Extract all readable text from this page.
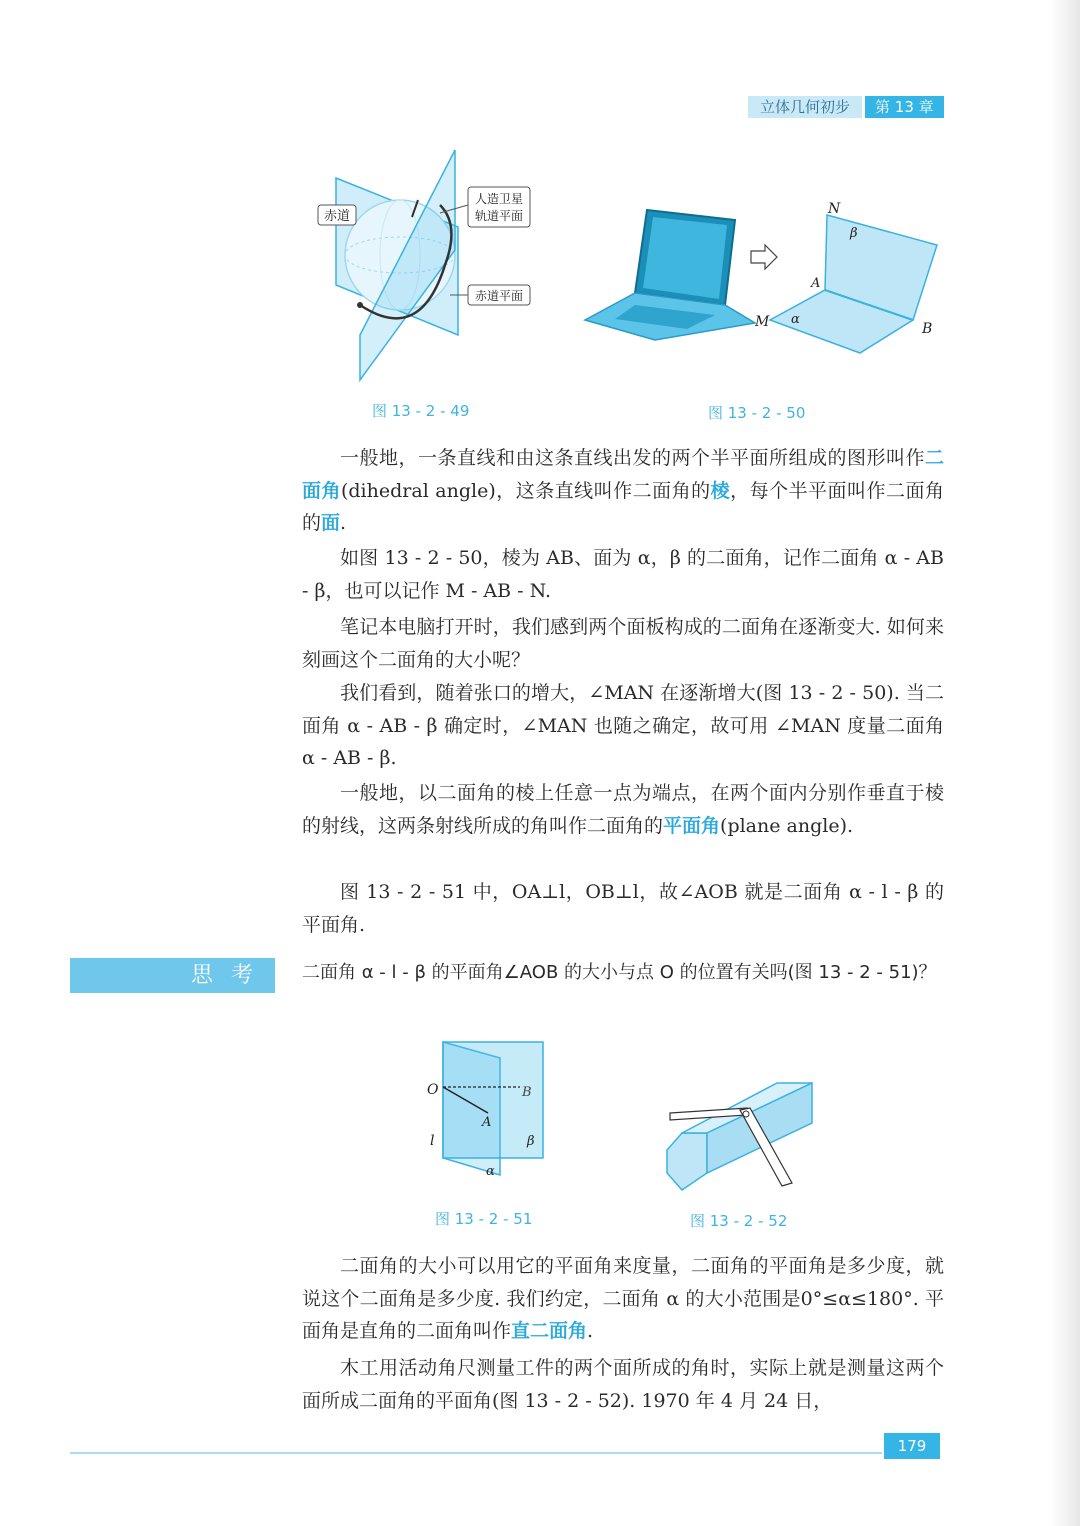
立体几何初步	第 13 章
赤道
人造卫星
轨道平面
赤道平面
图 13 - 2 - 49
N
β
A
M α
B
图 13 - 2 - 50
一般地，一条直线和由这条直线出发的两个半平面所组成的图形叫作二面角(dihedral angle)，这条直线叫作二面角的棱，每个半平面叫作二面角的面.
如图 13 - 2 - 50，棱为 AB、面为 α，β 的二面角，记作二面角 α - AB - β，也可以记作 M - AB - N.
笔记本电脑打开时，我们感到两个面板构成的二面角在逐渐变大. 如何来刻画这个二面角的大小呢？
我们看到，随着张口的增大，∠MAN 在逐渐增大(图 13 - 2 - 50). 当二面角 α - AB - β 确定时，∠MAN 也随之确定，故可用 ∠MAN 度量二面角 α - AB - β.
一般地，以二面角的棱上任意一点为端点，在两个面内分别作垂直于棱的射线，这两条射线所成的角叫作二面角的平面角(plane angle).
图 13 - 2 - 51 中，OA⊥l，OB⊥l，故∠AOB 就是二面角 α - l - β 的平面角.
思考 二面角 α - l - β 的平面角∠AOB 的大小与点 O 的位置有关吗(图 13 - 2 - 51)？
O	B
A
l	β
α
图 13 - 2 - 51	图 13 - 2 - 52
二面角的大小可以用它的平面角来度量，二面角的平面角是多少度，就说这个二面角是多少度. 我们约定，二面角 α 的大小范围是0°≤α≤180°. 平面角是直角的二面角叫作直二面角.
木工用活动角尺测量工件的两个面所成的角时，实际上就是测量这两个面所成二面角的平面角(图 13 - 2 - 52). 1970 年 4 月 24 日，
179
